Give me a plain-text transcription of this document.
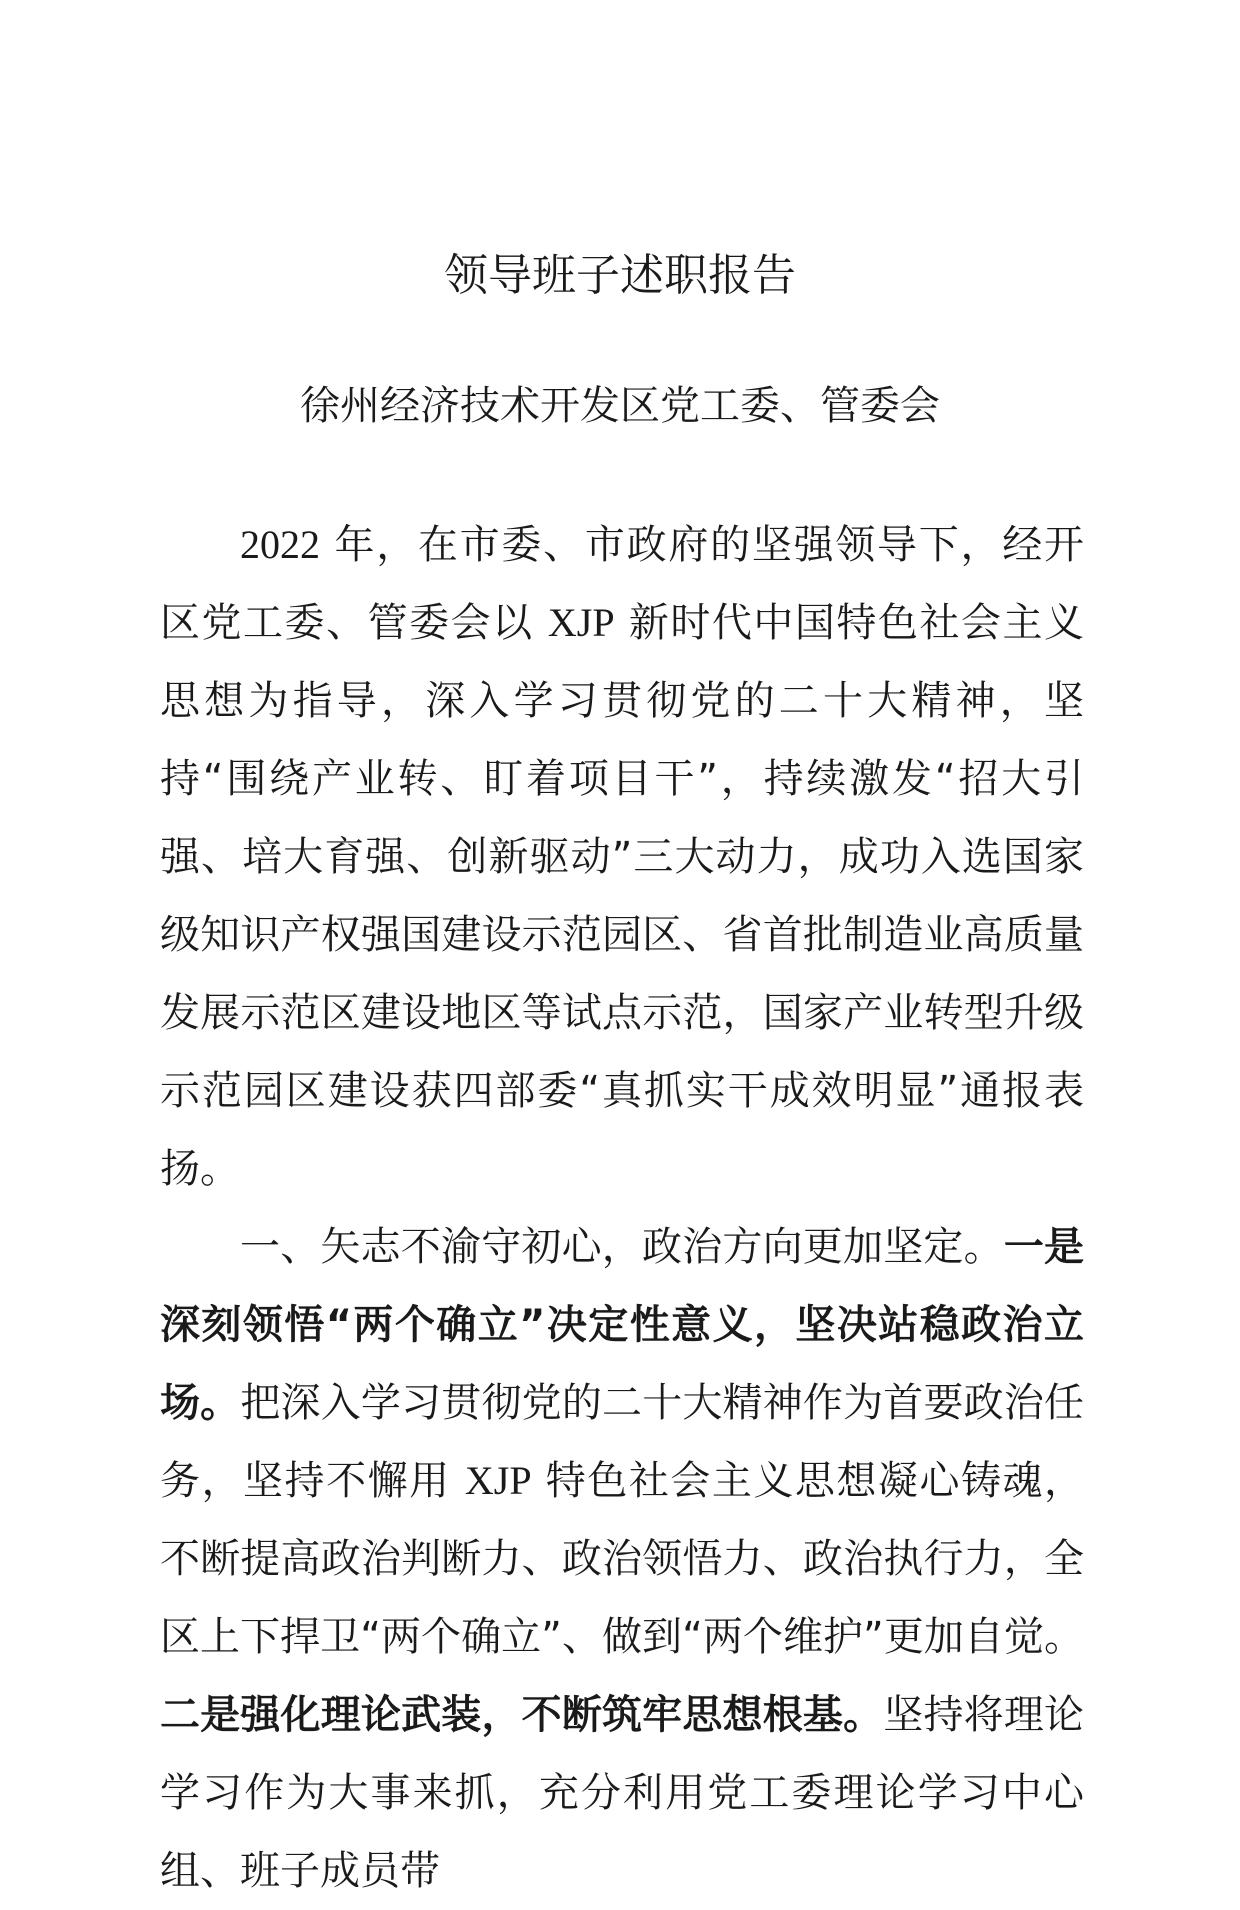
领导班子述职报告
徐州经济技术开发区党工委、管委会

2022 年，在市委、市政府的坚强领导下，经开区党工委、管委会以 XJP 新时代中国特色社会主义思想为指导，深入学习贯彻党的二十大精神，坚持“围绕产业转、盯着项目干”，持续激发“招大引强、培大育强、创新驱动”三大动力，成功入选国家级知识产权强国建设示范园区、省首批制造业高质量发展示范区建设地区等试点示范，国家产业转型升级示范园区建设获四部委“真抓实干成效明显”通报表扬。

一、矢志不渝守初心，政治方向更加坚定。一是深刻领悟“两个确立”决定性意义，坚决站稳政治立场。把深入学习贯彻党的二十大精神作为首要政治任务，坚持不懈用 XJP 特色社会主义思想凝心铸魂，不断提高政治判断力、政治领悟力、政治执行力，全区上下捍卫“两个确立”、做到“两个维护”更加自觉。二是强化理论武装，不断筑牢思想根基。坚持将理论学习作为大事来抓，充分利用党工委理论学习中心组、班子成员带
